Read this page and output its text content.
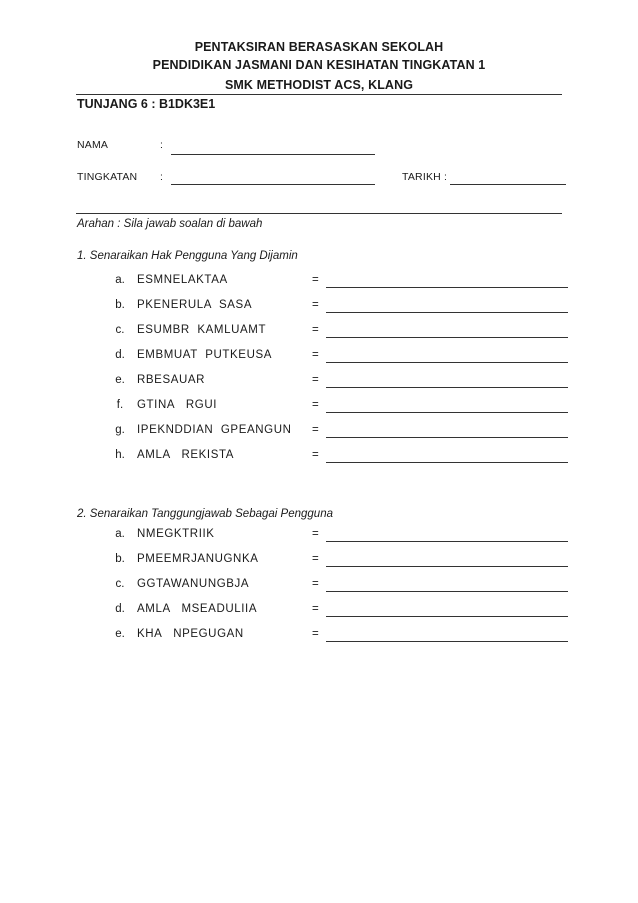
PENTAKSIRAN BERASASKAN SEKOLAH
PENDIDIKAN JASMANI DAN KESIHATAN TINGKATAN 1
SMK METHODIST ACS, KLANG
TUNJANG 6 : B1DK3E1
NAMA	:
TINGKATAN :	TARIKH :
Arahan : Sila jawab soalan di bawah
1. Senaraikan Hak Pengguna Yang Dijamin
a.	ESMNELAKTAA	=
b.	PKENERULA  SASA	=
c.	ESUMBR  KAMLUAMT	=
d.	EMBMUAT  PUTKEUSA	=
e.	RBESAUAR	=
f.	GTINA   RGUI	=
g.	IPEKNDDIAN  GPEANGUN =
h.	AMLA   REKISTA	=
2. Senaraikan Tanggungjawab Sebagai Pengguna
a.	NMEGKTRIIK	=
b.	PMEEMRJANUGNKA	=
c.	GGTAWANUNGBJA	=
d.	AMLA   MSEADULIIA	=
e.	KHA   NPEGUGAN	=
